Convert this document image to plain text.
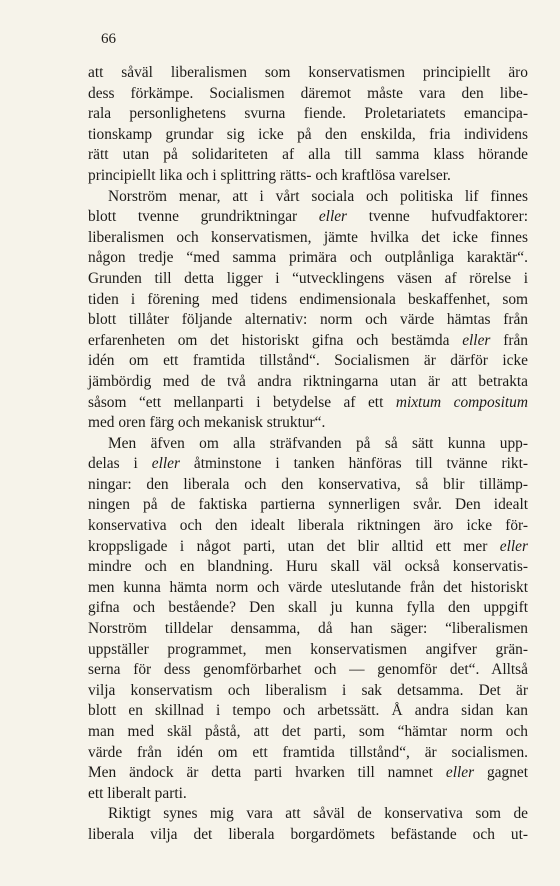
66
att såväl liberalismen som konservatismen principiellt äro
dess förkämpe. Socialismen däremot måste vara den libe-
rala personlighetens svurna fiende. Proletariatets emancipa-
tionskamp grundar sig icke på den enskilda, fria individens
rätt utan på solidariteten af alla till samma klass hörande
principiellt lika och i splittring rätts- och kraftlösa varelser.
Norström menar, att i vårt sociala och politiska lif finnes
blott tvenne grundriktningar eller tvenne hufvudfaktorer:
liberalismen och konservatismen, jämte hvilka det icke finnes
någon tredje “med samma primära och outplånliga karaktär“.
Grunden till detta ligger i “utvecklingens väsen af rörelse i
tiden i förening med tidens endimensionala beskaffenhet, som
blott tillåter följande alternativ: norm och värde hämtas från
erfarenheten om det historiskt gifna och bestämda eller från
idén om ett framtida tillstånd“. Socialismen är därför icke
jämbördig med de två andra riktningarna utan är att betrakta
såsom “ett mellanparti i betydelse af ett mixtum compositum
med oren färg och mekanisk struktur“.
Men äfven om alla sträfvanden på så sätt kunna upp-
delas i eller åtminstone i tanken hänföras till tvänne rikt-
ningar: den liberala och den konservativa, så blir tillämp-
ningen på de faktiska partierna synnerligen svår. Den idealt
konservativa och den idealt liberala riktningen äro icke för-
kroppsligade i något parti, utan det blir alltid ett mer eller
mindre och en blandning. Huru skall väl också konservatis-
men kunna hämta norm och värde uteslutande från det historiskt
gifna och bestående? Den skall ju kunna fylla den uppgift
Norström tilldelar densamma, då han säger: “liberalismen
uppställer programmet, men konservatismen angifver grän-
serna för dess genomförbarhet och — genomför det“. Alltså
vilja konservatism och liberalism i sak detsamma. Det är
blott en skillnad i tempo och arbetssätt. Å andra sidan kan
man med skäl påstå, att det parti, som “hämtar norm och
värde från idén om ett framtida tillstånd“, är socialismen.
Men ändock är detta parti hvarken till namnet eller gagnet
ett liberalt parti.
Riktigt synes mig vara att såväl de konservativa som de
liberala vilja det liberala borgardömets befästande och ut-
